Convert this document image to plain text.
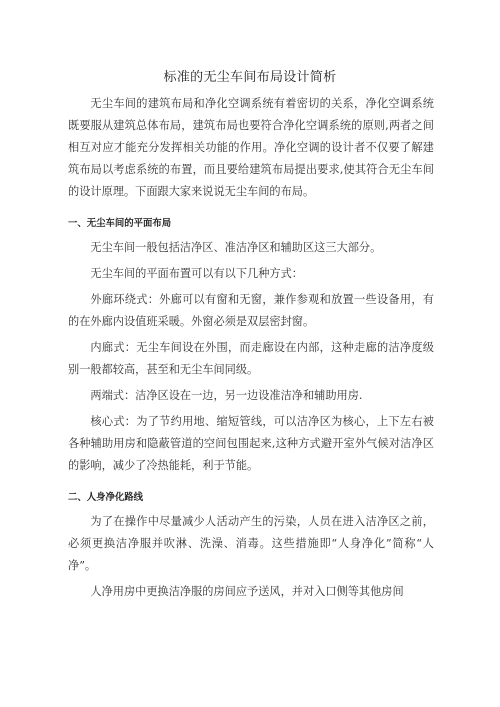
标准的无尘车间布局设计简析

无尘车间的建筑布局和净化空调系统有着密切的关系，净化空调系统既要服从建筑总体布局，建筑布局也要符合净化空调系统的原则,两者之间相互对应才能充分发挥相关功能的作用。净化空调的设计者不仅要了解建筑布局以考虑系统的布置，而且要给建筑布局提出要求,使其符合无尘车间的设计原理。下面跟大家来说说无尘车间的布局。

一、无尘车间的平面布局

无尘车间一般包括洁净区、准洁净区和辅助区这三大部分。

无尘车间的平面布置可以有以下几种方式：

外廊环绕式：外廊可以有窗和无窗，兼作参观和放置一些设备用，有的在外廊内设值班采暖。外窗必须是双层密封窗。

内廊式：无尘车间设在外围，而走廊设在内部，这种走廊的洁净度级别一般都较高，甚至和无尘车间同级。

两端式：洁净区设在一边，另一边设准洁净和辅助用房.

核心式：为了节约用地、缩短管线，可以洁净区为核心，上下左右被各种辅助用房和隐蔽管道的空间包围起来,这种方式避开室外气候对洁净区的影响，减少了冷热能耗，利于节能。

二、人身净化路线

为了在操作中尽量减少人活动产生的污染，人员在进入洁净区之前，必须更换洁净服并吹淋、洗澡、消毒。这些措施即“人身净化”简称“人净”。

人净用房中更换洁净服的房间应予送风，并对入口侧等其他房间
